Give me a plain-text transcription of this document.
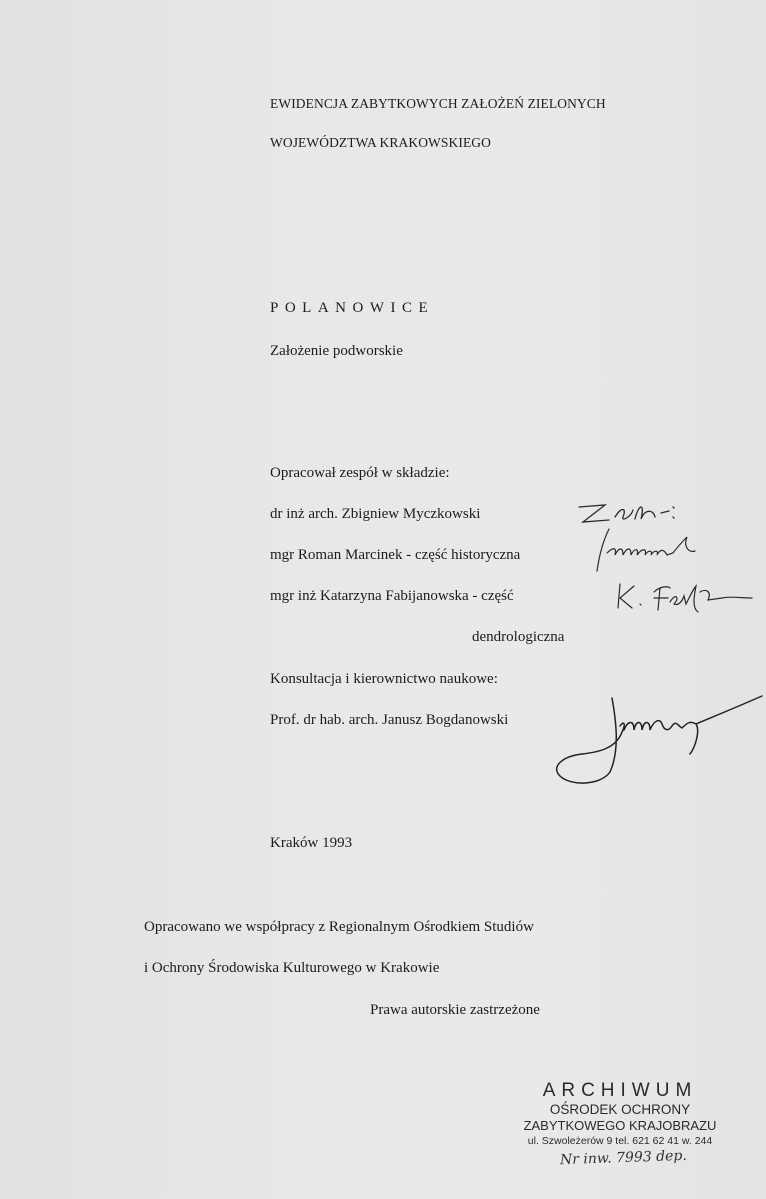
EWIDENCJA ZABYTKOWYCH ZAŁOŻEŃ ZIELONYCH
WOJEWÓDZTWA KRAKOWSKIEGO
POLANOWICE
Założenie podworskie
Opracował zespół w składzie:
dr inż arch. Zbigniew Myczkowski
mgr Roman Marcinek - część historyczna
mgr inż Katarzyna Fabijanowska - część
dendrologiczna
Konsultacja i kierownictwo naukowe:
Prof. dr hab. arch. Janusz Bogdanowski
Kraków 1993
Opracowano we współpracy z Regionalnym Ośrodkiem Studiów
i Ochrony Środowiska Kulturowego w Krakowie
Prawa autorskie zastrzeżone
ARCHIWUM
OŚRODEK OCHRONY
ZABYTKOWEGO KRAJOBRAZU
ul. Szwoleżerów 9 tel. 621 62 41 w. 244
Nr inw. 7993 dep.
